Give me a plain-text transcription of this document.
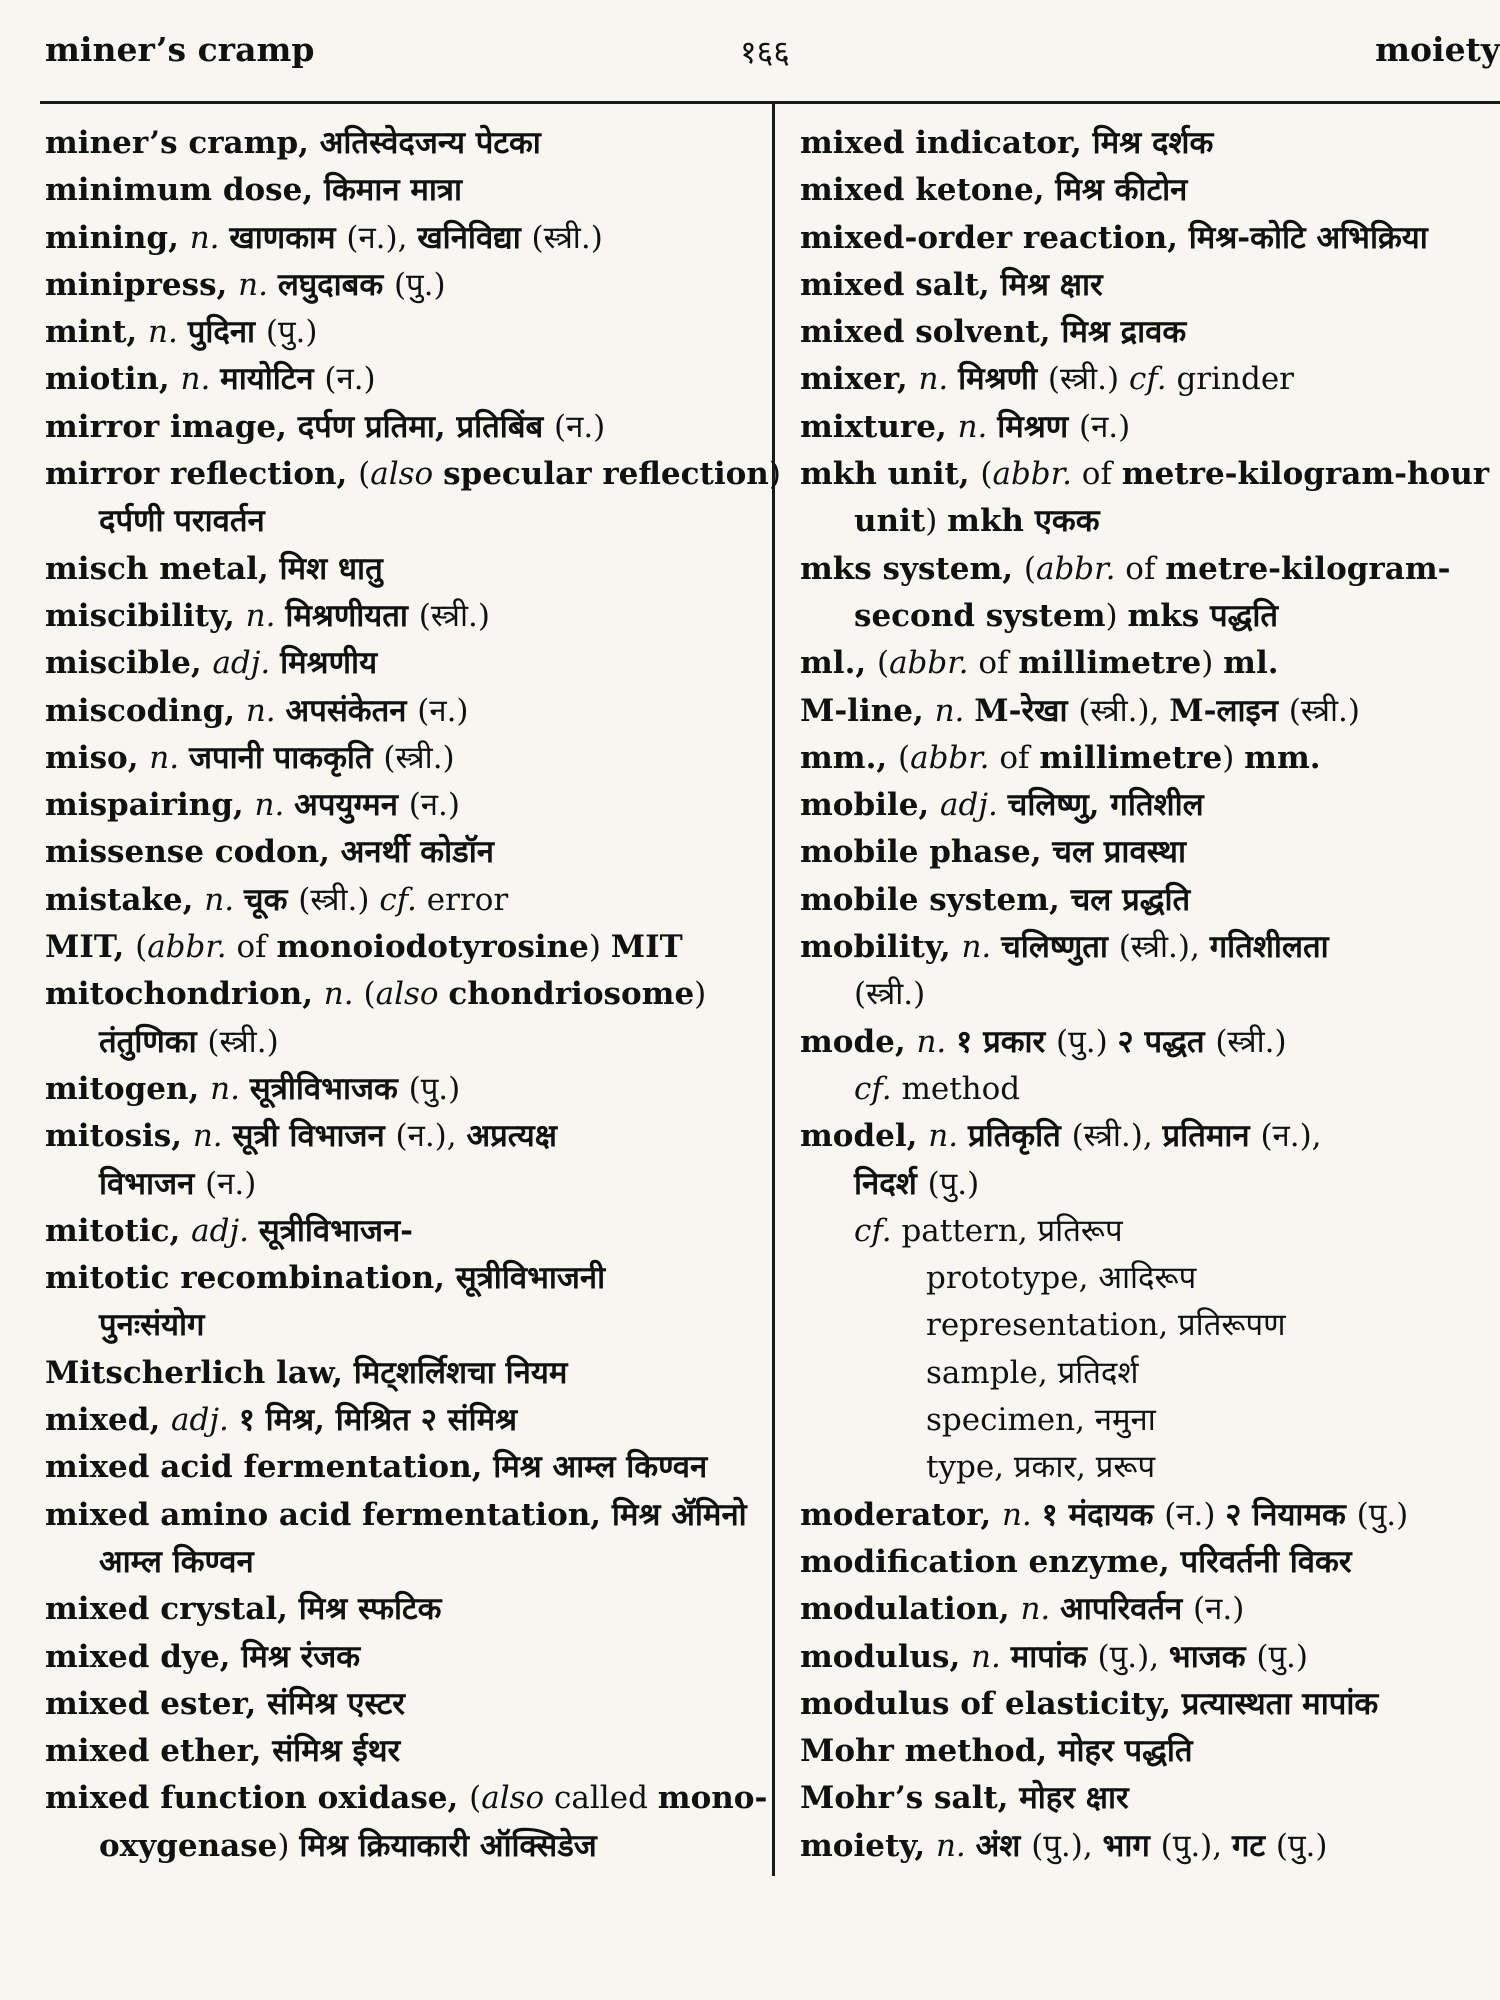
miner’s cramp	१६६	moiety
miner’s cramp, अतिस्वेदजन्य पेटका
minimum dose, किमान मात्रा
mining, n. खाणकाम (न.), खनिविद्या (स्त्री.)
minipress, n. लघुदाबक (पु.)
mint, n. पुदिना (पु.)
miotin, n. मायोटिन (न.)
mirror image, दर्पण प्रतिमा, प्रतिबिंब (न.)
mirror reflection, (also specular reflection)
दर्पणी परावर्तन
misch metal, मिश धातु
miscibility, n. मिश्रणीयता (स्त्री.)
miscible, adj. मिश्रणीय
miscoding, n. अपसंकेतन (न.)
miso, n. जपानी पाककृति (स्त्री.)
mispairing, n. अपयुग्मन (न.)
missense codon, अनर्थी कोडॉन
mistake, n. चूक (स्त्री.) cf. error
MIT, (abbr. of monoiodotyrosine) MIT
mitochondrion, n. (also chondriosome)
तंतुणिका (स्त्री.)
mitogen, n. सूत्रीविभाजक (पु.)
mitosis, n. सूत्री विभाजन (न.), अप्रत्यक्ष
विभाजन (न.)
mitotic, adj. सूत्रीविभाजन-
mitotic recombination, सूत्रीविभाजनी
पुनःसंयोग
Mitscherlich law, मिट्शर्लिशचा नियम
mixed, adj. १ मिश्र, मिश्रित २ संमिश्र
mixed acid fermentation, मिश्र आम्ल किण्वन
mixed amino acid fermentation, मिश्र ॲमिनो
आम्ल किण्वन
mixed crystal, मिश्र स्फटिक
mixed dye, मिश्र रंजक
mixed ester, संमिश्र एस्टर
mixed ether, संमिश्र ईथर
mixed function oxidase, (also called mono-
oxygenase) मिश्र क्रियाकारी ऑक्सिडेज
mixed indicator, मिश्र दर्शक
mixed ketone, मिश्र कीटोन
mixed-order reaction, मिश्र-कोटि अभिक्रिया
mixed salt, मिश्र क्षार
mixed solvent, मिश्र द्रावक
mixer, n. मिश्रणी (स्त्री.) cf. grinder
mixture, n. मिश्रण (न.)
mkh unit, (abbr. of metre-kilogram-hour
unit) mkh एकक
mks system, (abbr. of metre-kilogram-
second system) mks पद्धति
ml., (abbr. of millimetre) ml.
M-line, n. M-रेखा (स्त्री.), M-लाइन (स्त्री.)
mm., (abbr. of millimetre) mm.
mobile, adj. चलिष्णु, गतिशील
mobile phase, चल प्रावस्था
mobile system, चल प्रद्धति
mobility, n. चलिष्णुता (स्त्री.), गतिशीलता
(स्त्री.)
mode, n. १ प्रकार (पु.) २ पद्धत (स्त्री.)
cf. method
model, n. प्रतिकृति (स्त्री.), प्रतिमान (न.),
निदर्श (पु.)
cf. pattern, प्रतिरूप
prototype, आदिरूप
representation, प्रतिरूपण
sample, प्रतिदर्श
specimen, नमुना
type, प्रकार, प्ररूप
moderator, n. १ मंदायक (न.) २ नियामक (पु.)
modification enzyme, परिवर्तनी विकर
modulation, n. आपरिवर्तन (न.)
modulus, n. मापांक (पु.), भाजक (पु.)
modulus of elasticity, प्रत्यास्थता मापांक
Mohr method, मोहर पद्धति
Mohr’s salt, मोहर क्षार
moiety, n. अंश (पु.), भाग (पु.), गट (पु.)
